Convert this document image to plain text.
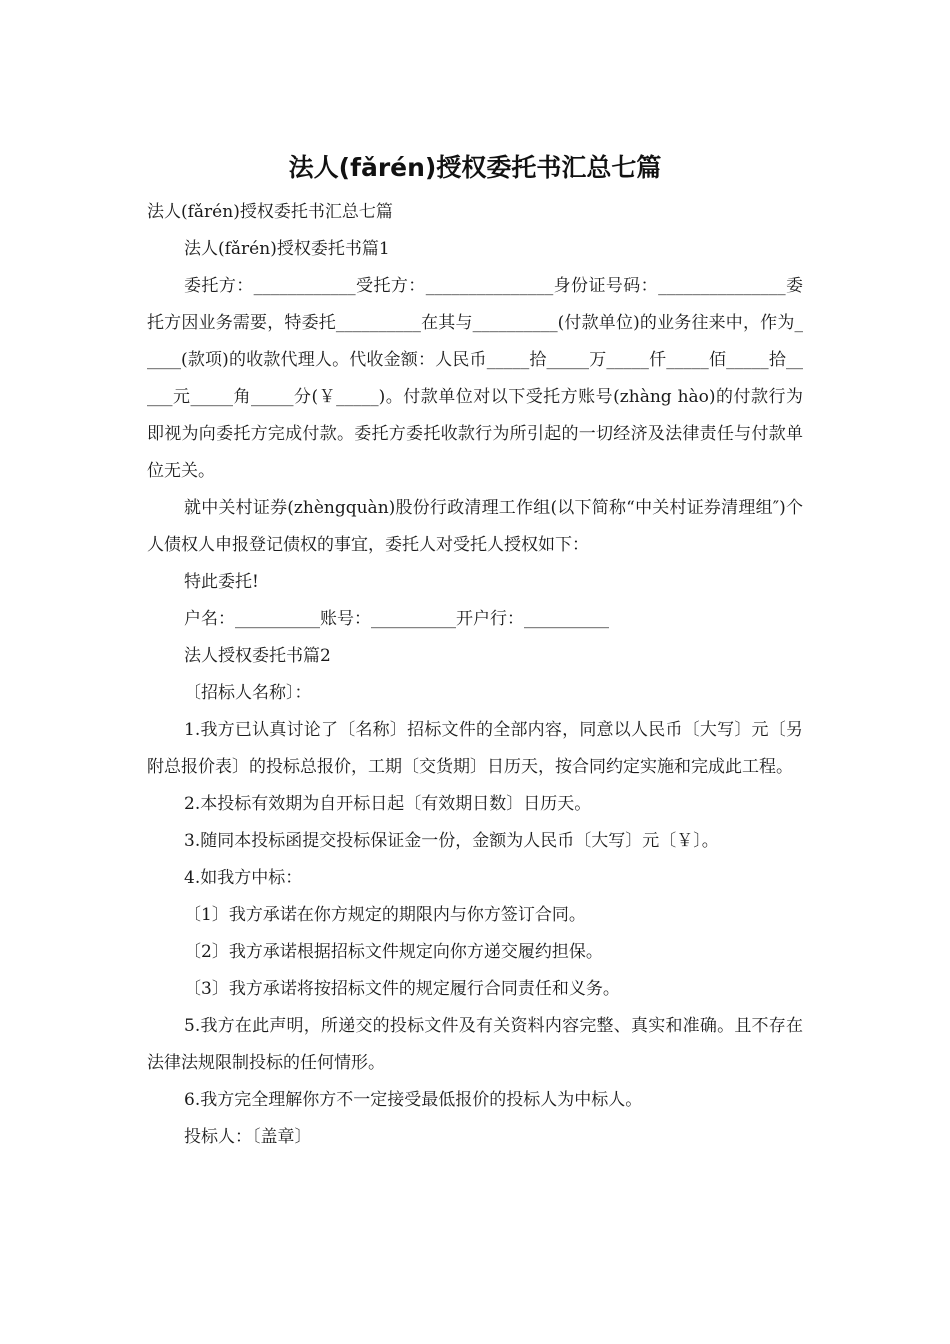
法人(fǎrén)授权委托书汇总七篇

法人(fǎrén)授权委托书汇总七篇

法人(fǎrén)授权委托书篇1

委托方：____________受托方：_______________身份证号码：_______________委托方因业务需要，特委托__________在其与__________(付款单位)的业务往来中，作为_____(款项)的收款代理人。代收金额：人民币_____拾_____万_____仟_____佰_____拾_____元_____角_____分(￥_____)。付款单位对以下受托方账号(zhàng hào)的付款行为即视为向委托方完成付款。委托方委托收款行为所引起的一切经济及法律责任与付款单位无关。

就中关村证券(zhèngquàn)股份行政清理工作组(以下简称“中关村证券清理组″)个人债权人申报登记债权的事宜，委托人对受托人授权如下：

特此委托!

户名：__________账号：__________开户行：__________

法人授权委托书篇2

〔招标人名称〕：

1.我方已认真讨论了〔名称〕招标文件的全部内容，同意以人民币〔大写〕元〔另附总报价表〕的投标总报价，工期〔交货期〕日历天，按合同约定实施和完成此工程。

2.本投标有效期为自开标日起〔有效期日数〕日历天。

3.随同本投标函提交投标保证金一份，金额为人民币〔大写〕元〔￥〕。

4.如我方中标：

〔1〕我方承诺在你方规定的期限内与你方签订合同。

〔2〕我方承诺根据招标文件规定向你方递交履约担保。

〔3〕我方承诺将按招标文件的规定履行合同责任和义务。

5.我方在此声明，所递交的投标文件及有关资料内容完整、真实和准确。且不存在法律法规限制投标的任何情形。

6.我方完全理解你方不一定接受最低报价的投标人为中标人。

投标人：〔盖章〕
